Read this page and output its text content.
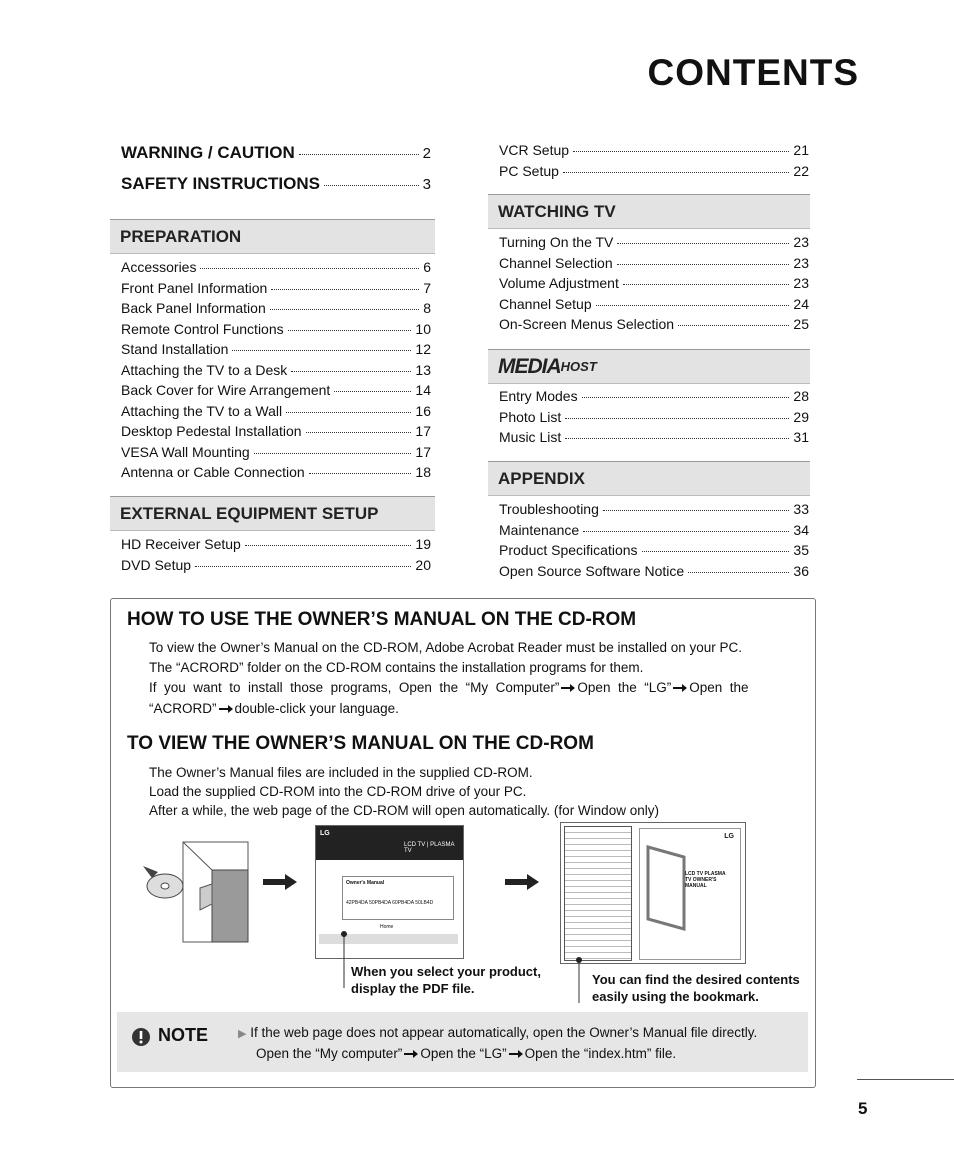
CONTENTS
WARNING / CAUTION	2
SAFETY INSTRUCTIONS	3
PREPARATION
EXTERNAL EQUIPMENT SETUP
WATCHING TV
MEDIA HOST
APPENDIX
Accessories	6
Front Panel Information	7
Back Panel Information	8
Remote Control Functions	10
Stand Installation	12
Attaching the TV to a Desk	13
Back Cover for Wire Arrangement	14
Attaching the TV to a Wall	16
Desktop Pedestal Installation	17
VESA Wall Mounting	17
Antenna or Cable Connection	18
HD Receiver Setup	19
DVD Setup	20
VCR Setup	21
PC Setup	22
Turning On the TV	23
Channel Selection	23
Volume Adjustment	23
Channel Setup	24
On-Screen Menus Selection	25
Entry Modes	28
Photo List	29
Music List	31
Troubleshooting	33
Maintenance	34
Product Specifications	35
Open Source Software Notice	36
HOW TO USE THE OWNER’S MANUAL ON THE CD-ROM
To view the Owner’s Manual on the CD-ROM, Adobe Acrobat Reader must be installed on your PC.
The “ACRORD” folder on the CD-ROM contains the installation programs for them.
If  you  want  to  install  those  programs,  Open  the  “My  Computer” Open  the  “LG” Open  the
“ACRORD” double-click your language.
TO VIEW THE OWNER’S MANUAL ON THE CD-ROM
The Owner’s Manual files are included in the supplied CD-ROM.
Load the supplied CD-ROM into the CD-ROM drive of your PC.
After a while, the web page of the CD-ROM will open automatically. (for Window only)
LG
LCD TV | PLASMA TV
Owner's Manual
42PB4DA 50PB4DA 60PB4DA 50LB4D
Home
When you select your product, display the PDF file.
LG
LCD TV PLASMA TV OWNER'S MANUAL
You can find the desired contents easily using the bookmark.
NOTE	▶ If the web page does not appear automatically, open the Owner’s Manual file directly.
Open the “My computer” Open the “LG” Open the “index.htm” file.
5
